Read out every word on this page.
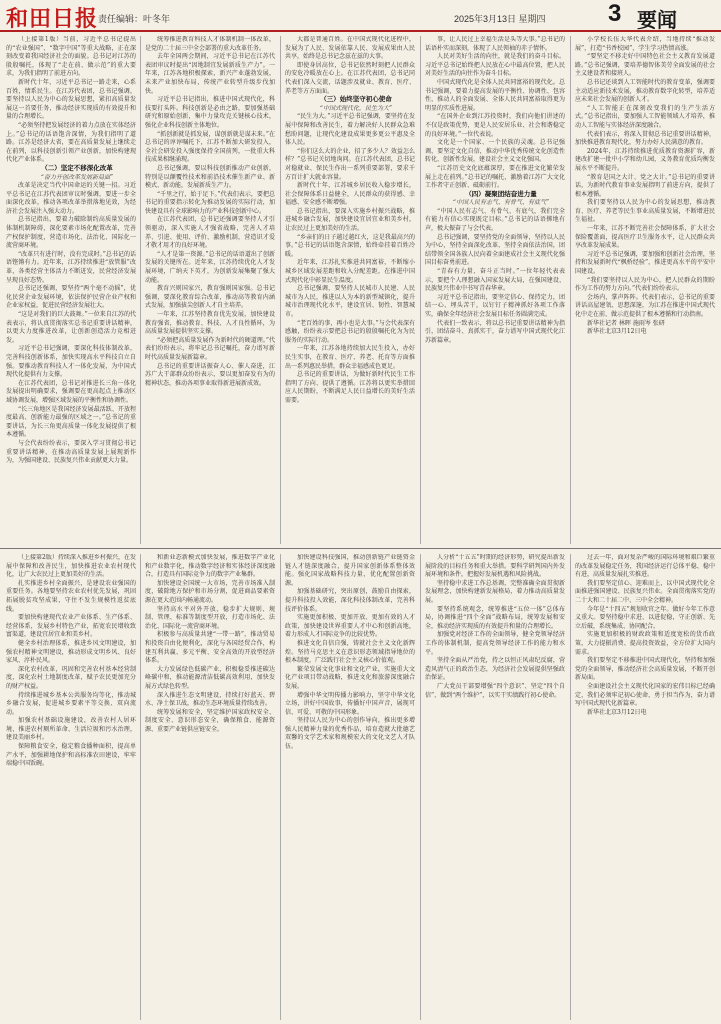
和田日报 责任编辑：叶冬年	2025年3月13日 星期四	3 要闻

（上接第1版）当前，习近平总书记提出的“农业强国”、“数字中国”等重大战略，正在深刻改变着我国经济社会的面貌。总书记对江苏的殷殷嘱托，体现了“走在前、做示范”的重大要求，为我们指明了前进方向。

新时代十年，习近平总书记一路走来，心系百姓，情系民生。在江苏代表团，总书记强调，要坚持以人民为中心的发展思想，紧扣高质量发展这一首要任务，推动经济实现质的有效提升和量的合理增长。

“必须坚持把发展经济的着力点放在实体经济上。”总书记的话语饱含深情，为我们指明了道路。江苏是经济大省，要在高质量发展上继续走在前列，以科技创新引领产业创新，加快构建现代化产业体系。

（二）坚定不移深化改革

“奋力开创改革发展新局面”

改革是决定当代中国命运的关键一招。习近平总书记在江苏代表团审议时强调，要进一步全面深化改革，推动各项改革举措落地见效，为经济社会发展注入强大动力。

总书记指出，要着力破除制约高质量发展的体制机制障碍，深化要素市场化配置改革，完善产权保护制度，营造市场化、法治化、国际化一流营商环境。

“改革只有进行时，没有完成时。”总书记的话语铿锵有力。近年来，江苏持续推进“放管服”改革，各类经营主体活力不断迸发，民营经济发展呈现良好态势。

总书记还强调，要坚持“两个毫不动摇”，优化民营企业发展环境，依法保护民营企业产权和企业家权益，促进民营经济发展壮大。

“这是对我们的巨大鼓舞。”一位来自江苏的代表表示，将认真贯彻落实总书记重要讲话精神，以更大力度推进改革，让创新创造活力竞相迸发。

习近平总书记强调，要深化科技体制改革，完善科技创新体系，加快实现高水平科技自立自强。要推动教育科技人才一体化发展，为中国式现代化提供有力支撑。

在江苏代表团，总书记对推进长三角一体化发展提出明确要求，强调要在更高起点上推动区域协调发展，增强区域发展的平衡性和协调性。

“长三角地区是我国经济发展最活跃、开放程度最高、创新能力最强的区域之一。”总书记的重要讲话，为长三角更高质量一体化发展提供了根本遵循。

与会代表纷纷表示，要深入学习贯彻总书记重要讲话精神，在推动高质量发展上展现新作为，为强国建设、民族复兴伟业贡献更大力量。

统筹推进教育科技人才体制机制一体改革，是党的二十届三中全会部署的重大改革任务。

去年全国两会期间，习近平总书记在江苏代表团审议时提出“因地制宜发展新质生产力”。一年来，江苏各地积极探索，新兴产业蓬勃发展，未来产业加快布局，传统产业转型升级步伐加快。

习近平总书记指出，推进中国式现代化，科技要打头阵。科技创新是必由之路，要加强基础研究和原始创新，集中力量攻克关键核心技术，强化企业科技创新主体地位。

“抓创新就是抓发展，谋创新就是谋未来。”在总书记的谆谆嘱托下，江苏不断加大研发投入，全社会研发投入强度保持全国前列，一批重大科技成果相继涌现。

总书记强调，要以科技创新推动产业创新，特别是以颠覆性技术和前沿技术催生新产业、新模式、新动能，发展新质生产力。

“千里之行，始于足下。”代表们表示，要把总书记的重要指示转化为推动发展的实际行动，加快建设具有全球影响力的产业科技创新中心。

在江苏代表团，总书记还强调要坚持人才引领驱动，深入实施人才强省战略，完善人才培养、引进、使用、评价、激励机制，营造识才爱才敬才用才的良好环境。

“人才是第一资源。”总书记的话语道出了创新发展的关键所在。近年来，江苏持续优化人才发展环境，广纳天下英才，为创新发展集聚了强大动能。

教育兴则国家兴，教育强则国家强。总书记强调，要深化教育综合改革，推动高等教育内涵式发展，加强拔尖创新人才自主培养。

一年来，江苏坚持教育优先发展，加快建设教育强省，推动教育、科技、人才良性循环，为高质量发展提供坚实支撑。

“必须把高质量发展作为新时代的硬道理。”代表们纷纷表示，将牢记总书记嘱托，奋力谱写新时代高质量发展新篇章。

总书记的重要讲话振奋人心、催人奋进，江苏广大干部群众纷纷表示，要以更加奋发有为的精神状态，推动各项事业取得新进展新成效。

大都是普通百姓。在中国式现代化进程中，发展为了人民、发展依靠人民、发展成果由人民共享，始终是总书记念兹在兹的大事。

即使身居高位，总书记依然时刻把人民群众的安危冷暖放在心上。在江苏代表团，总书记同代表们深入交流，话题涉及就业、教育、医疗、养老等方方面面。

（三）始终坚守初心使命

“中国式现代化，民生为大”

“民生为大。”习近平总书记强调，要坚持在发展中保障和改善民生，着力解决好人民群众急难愁盼问题，让现代化建设成果更多更公平惠及全体人民。

“你们这么大的企业，招了多少人？效益怎么样？”总书记关切地询问。在江苏代表团，总书记对稳就业、保民生作出一系列重要部署，要求千方百计扩大就业容量。

新时代十年，江苏城乡居民收入稳步增长，社会保障体系日益健全，人民群众的获得感、幸福感、安全感不断增强。

总书记指出，要深入实施乡村振兴战略，推进城乡融合发展，加快建设宜居宜业和美乡村，让农民过上更加美好的生活。

“乡亲们的日子越过越红火，这是我最高兴的事。”总书记的话语饱含深情，始终牵挂着百姓冷暖。

近年来，江苏扎实推进共同富裕，不断缩小城乡区域发展差距和收入分配差距，在推进中国式现代化中彰显民生温度。

总书记强调，要坚持人民城市人民建、人民城市为人民，推进以人为本的新型城镇化，提升城市治理现代化水平，建设宜居、韧性、智慧城市。

“老百姓的事，再小也是大事。”与会代表深有感触，纷纷表示要把总书记的殷殷嘱托化为为民服务的实际行动。

一年来，江苏各地持续加大民生投入，办好民生实事，在教育、医疗、养老、托育等方面推出一系列惠民举措，群众幸福感成色更足。

总书记的重要讲话，为做好新时代民生工作指明了方向、提供了遵循。江苏将以更实举措回应人民期盼，不断满足人民日益增长的美好生活需要。

事，让人民过上幸福生活是头等大事。”总书记的话语朴实而深刻，体现了人民领袖的赤子情怀。

人民对美好生活的向往，就是我们的奋斗目标。习近平总书记始终把人民放在心中最高位置，把人民对美好生活的向往作为奋斗目标。

中国式现代化是全体人民共同富裕的现代化。总书记强调，要着力提高发展的平衡性、协调性、包容性，推动人的全面发展、全体人民共同富裕取得更为明显的实质性进展。

“在国外企业到江苏投资时，我们向他们讲述的不仅是政策优势，更是人民安居乐业、社会和谐稳定的良好环境。”一位代表说。

文化是一个国家、一个民族的灵魂。总书记强调，要坚定文化自信，推动中华优秀传统文化创造性转化、创新性发展，建设社会主义文化强国。

“江苏历史文化底蕴深厚，要在推进文化繁荣发展上走在前列。”总书记的嘱托，激励着江苏广大文化工作者守正创新、砥砺前行。

（四）凝聚团结奋进力量

“中国人民有志气、有骨气、有底气”

“中国人民有志气、有骨气、有底气，我们完全有能力有信心实现既定目标。”总书记的话语掷地有声，极大振奋了与会代表。

总书记强调，要坚持党的全面领导，坚持以人民为中心，坚持全面深化改革，坚持全面依法治国，团结带领全国各族人民向着全面建成社会主义现代化强国目标奋勇前进。

“青春有力量、奋斗正当时。”一位年轻代表表示，要把个人理想融入国家发展大局，在强国建设、民族复兴伟业中书写青春华章。

习近平总书记指出，要坚定信心、保持定力，团结一心、埋头苦干，以钉钉子精神抓好各项工作落实，确保全年经济社会发展目标任务圆满完成。

代表们一致表示，将以总书记重要讲话精神为指引，团结奋斗、真抓实干，奋力谱写中国式现代化江苏新篇章。

小学校长伍大华代表介绍，当地持续“推动发展”，打造“书香校园”，学生学习热情高涨。

“要坚定不移走好中国特色社会主义教育发展道路。”总书记强调，要培养德智体美劳全面发展的社会主义建设者和接班人。

总书记还谈到人工智能时代的教育变革，强调要主动适应新技术发展，推动教育数字化转型，培养适应未来社会发展的创新人才。

“人工智能正在深刻改变我们的生产生活方式。”总书记指出，要加强人工智能领域人才培养，推动人工智能与实体经济深度融合。

代表们表示，将深入贯彻总书记重要讲话精神，加快推进教育现代化，努力办好人民满意的教育。

2024年，江苏持续推进优质教育资源扩容，新建改扩建一批中小学和幼儿园，义务教育优质均衡发展水平不断提升。

“教育是国之大计、党之大计。”总书记的重要讲话，为新时代教育事业发展指明了前进方向，提供了根本遵循。

我们要坚持以人民为中心的发展思想，推动教育、医疗、养老等民生事业高质量发展，不断增进民生福祉。

一年来，江苏不断完善社会保障体系，扩大社会保险覆盖面，提高医疗卫生服务水平，让人民群众共享改革发展成果。

习近平总书记强调，要加强和创新社会治理，坚持和发展新时代“枫桥经验”，推进更高水平的平安中国建设。

“我们要坚持以人民为中心，把人民群众的期盼作为工作的努力方向。”代表们纷纷表示。

会场内，掌声阵阵。代表们表示，总书记的重要讲话高屋建瓴、思想深邃，为江苏在推进中国式现代化中走在前、做示范提供了根本遵循和行动指南。

新华社记者 林晖 施雨岑 张研

新华社北京3月12日电

（上接第2版）持续深入推进乡村振兴，在发展中保障和改善民生，加快推进农业农村现代化，让广大农民过上更加美好的生活。

扎实推进乡村全面振兴，是建设农业强国的重要任务。各地要坚持农业农村优先发展，巩固拓展脱贫攻坚成果，守住不发生规模性返贫底线。

要加快构建现代农业产业体系、生产体系、经营体系，发展乡村特色产业，拓宽农民增收致富渠道，建设宜居宜业和美乡村。

健全乡村治理体系，推进乡风文明建设，加强农村精神文明建设，推动形成文明乡风、良好家风、淳朴民风。

深化农村改革，巩固和完善农村基本经营制度，深化农村土地制度改革，赋予农民更加充分的财产权益。

持续推进城乡基本公共服务均等化，推动城乡融合发展，促进城乡要素平等交换、双向流动。

加强农村基础设施建设，改善农村人居环境，推进农村厕所革命、生活垃圾和污水治理，建设美丽乡村。

保障粮食安全，稳定粮食播种面积，提高单产水平，加强耕地保护和高标准农田建设，牢牢端稳中国饭碗。

和新业态新模式加快发展，推进数字产业化和产业数字化，推动数字经济和实体经济深度融合，打造具有国际竞争力的数字产业集群。

加快建设全国统一大市场，完善市场准入制度，破除地方保护和市场分割，促进商品要素资源在更大范围内畅通流动。

坚持高水平对外开放，稳步扩大规则、规制、管理、标准等制度型开放，打造市场化、法治化、国际化一流营商环境。

积极参与高质量共建“一带一路”，推动贸易和投资自由化便利化，深化与各国经贸合作，构建互利共赢、多元平衡、安全高效的开放型经济体系。

大力发展绿色低碳产业，积极稳妥推进碳达峰碳中和，推动能源清洁低碳高效利用，加快发展方式绿色转型。

深入推进生态文明建设，持续打好蓝天、碧水、净土保卫战，推动生态环境质量持续改善。

统筹发展和安全，坚定维护国家政权安全、制度安全、意识形态安全，确保粮食、能源资源、重要产业链供应链安全。

加快建设科技强国，推动创新链产业链资金链人才链深度融合，提升国家创新体系整体效能。强化国家战略科技力量，优化配置创新资源。

加强基础研究，突出原创，鼓励自由探索，提升科技投入效能，深化科技体制改革，完善科技评价体系。

实施更加积极、更加开放、更加有效的人才政策，加快建设世界重要人才中心和创新高地，着力形成人才国际竞争的比较优势。

推进文化自信自强，铸就社会主义文化新辉煌。坚持马克思主义在意识形态领域指导地位的根本制度，广泛践行社会主义核心价值观。

繁荣发展文化事业和文化产业，实施重大文化产业项目带动战略，推进文化和旅游深度融合发展。

增强中华文明传播力影响力，坚守中华文化立场，讲好中国故事，传播好中国声音，展现可信、可爱、可敬的中国形象。

坚持以人民为中心的创作导向，推出更多增强人民精神力量的优秀作品，培育造就大批德艺双馨的文学艺术家和规模宏大的文化文艺人才队伍。

人分析“十五五”时期的经济形势，研究提出新发展阶段的目标任务和重大举措。要科学研判国内外发展环境和条件，把握好发展机遇和风险挑战。

坚持稳中求进工作总基调，完整准确全面贯彻新发展理念，加快构建新发展格局，着力推动高质量发展。

要坚持系统观念，统筹推进“五位一体”总体布局，协调推进“四个全面”战略布局，统筹发展和安全，推动经济实现质的有效提升和量的合理增长。

加强党对经济工作的全面领导，健全党领导经济工作的体制机制，提高党领导经济工作的能力和水平。

坚持全面从严治党，持之以恒正风肃纪反腐，营造风清气正的政治生态，为经济社会发展提供坚强政治保证。

广大党员干部要增强“四个意识”、坚定“四个自信”、做到“两个维护”，以实干实绩践行初心使命。

过去一年，面对复杂严峻的国际环境和艰巨繁重的改革发展稳定任务，我国经济运行总体平稳、稳中有进，高质量发展扎实推进。

我们要坚定信心、迎难而上，以中国式现代化全面推进强国建设、民族复兴伟业。全面贯彻落实党的二十大和二十届二中、三中全会精神。

今年是“十四五”规划收官之年。做好今年工作意义重大。要坚持稳中求进、以进促稳，守正创新、先立后破，系统集成、协同配合。

实施更加积极的财政政策和适度宽松的货币政策，大力提振消费、提高投资效益，全方位扩大国内需求。

我们要坚定不移推进中国式现代化，坚持和加强党的全面领导，推动经济社会高质量发展，不断开创新局面。

全面建设社会主义现代化国家的宏伟目标已经确定，我们必须牢记初心使命，勇于担当作为，奋力谱写中国式现代化新篇章。

新华社北京3月12日电
